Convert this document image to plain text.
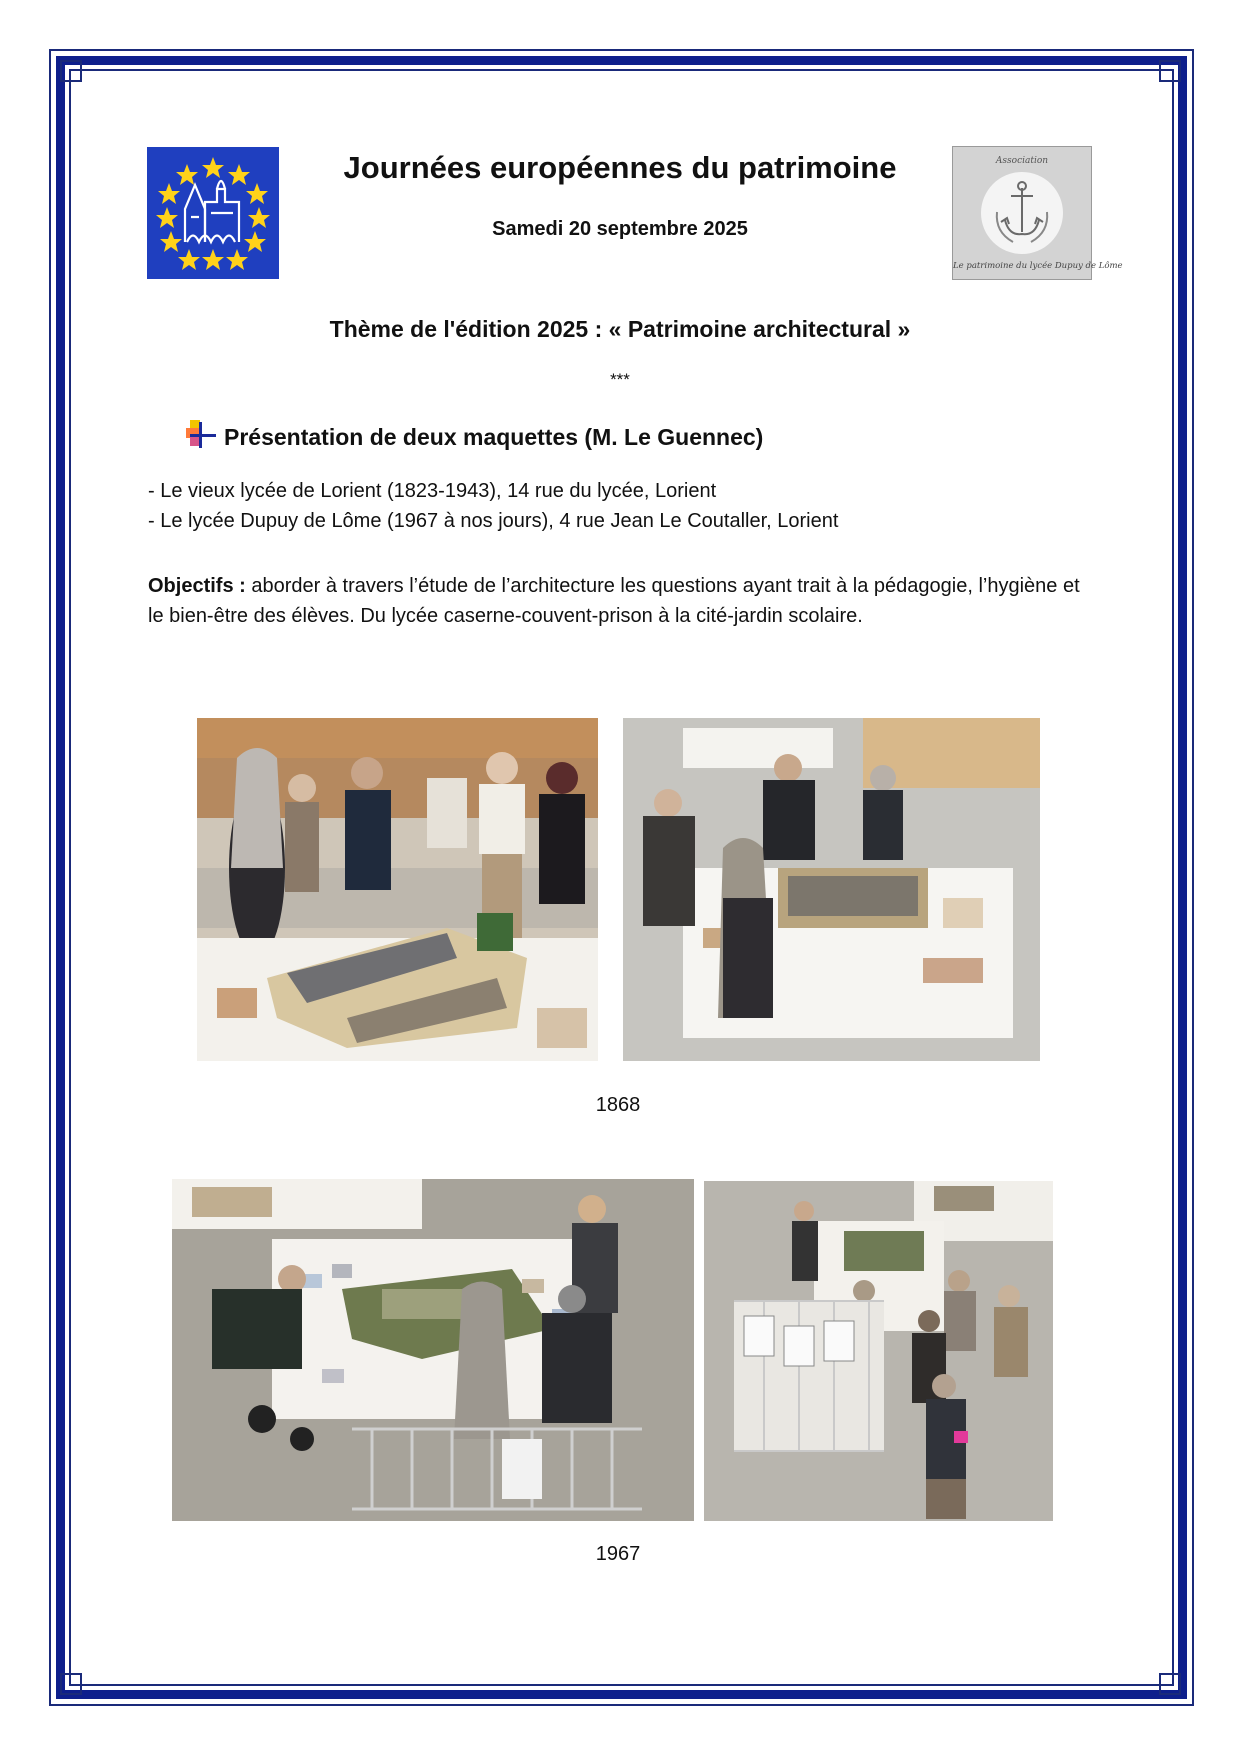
Journées européennes du patrimoine
Samedi 20 septembre 2025
Association
Le patrimoine du lycée Dupuy de Lôme
Thème de l'édition 2025 : « Patrimoine architectural »
***
Présentation de deux maquettes (M. Le Guennec)
- Le vieux lycée de Lorient (1823-1943), 14 rue du lycée, Lorient
- Le lycée Dupuy de Lôme (1967 à nos jours), 4 rue Jean Le Coutaller, Lorient
Objectifs : aborder à travers l’étude de l’architecture les questions ayant trait à la pédagogie, l’hygiène et le bien-être des élèves. Du lycée caserne-couvent-prison à la cité-jardin scolaire.
1868
1967
